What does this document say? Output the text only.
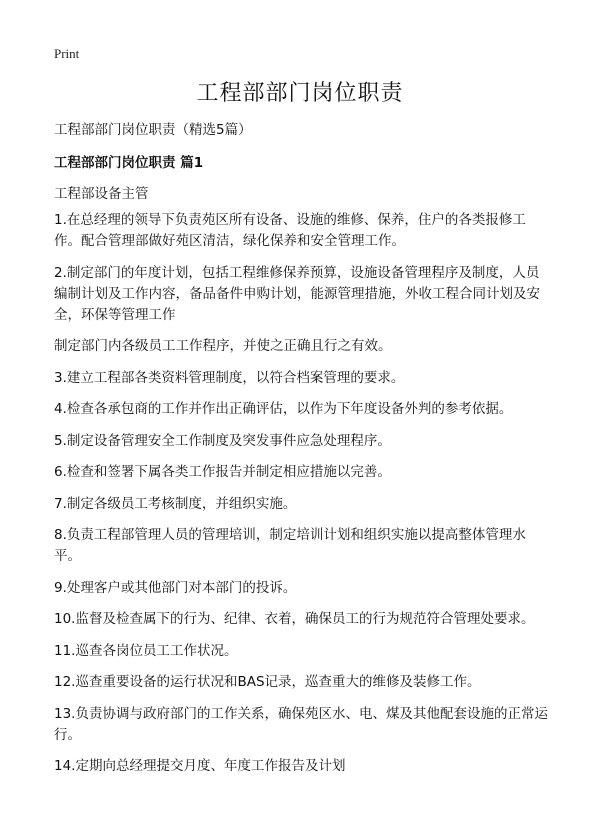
Print
工程部部门岗位职责

工程部部门岗位职责（精选5篇）

工程部部门岗位职责 篇1

工程部设备主管

1.在总经理的领导下负责苑区所有设备、设施的维修、保养，住户的各类报修工作。配合管理部做好苑区清洁，绿化保养和安全管理工作。
2.制定部门的年度计划，包括工程维修保养预算，设施设备管理程序及制度，人员编制计划及工作内容，备品备件申购计划，能源管理措施，外收工程合同计划及安全，环保等管理工作
制定部门内各级员工工作程序，并使之正确且行之有效。
3.建立工程部各类资料管理制度，以符合档案管理的要求。
4.检查各承包商的工作并作出正确评估，以作为下年度设备外判的参考依据。
5.制定设备管理安全工作制度及突发事件应急处理程序。
6.检查和签署下属各类工作报告并制定相应措施以完善。
7.制定各级员工考核制度，并组织实施。
8.负责工程部管理人员的管理培训，制定培训计划和组织实施以提高整体管理水平。
9.处理客户或其他部门对本部门的投诉。
10.监督及检查属下的行为、纪律、衣着，确保员工的行为规范符合管理处要求。
11.巡查各岗位员工工作状况。
12.巡查重要设备的运行状况和BAS记录，巡查重大的维修及装修工作。
13.负责协调与政府部门的工作关系，确保苑区水、电、煤及其他配套设施的正常运行。
14.定期向总经理提交月度、年度工作报告及计划
